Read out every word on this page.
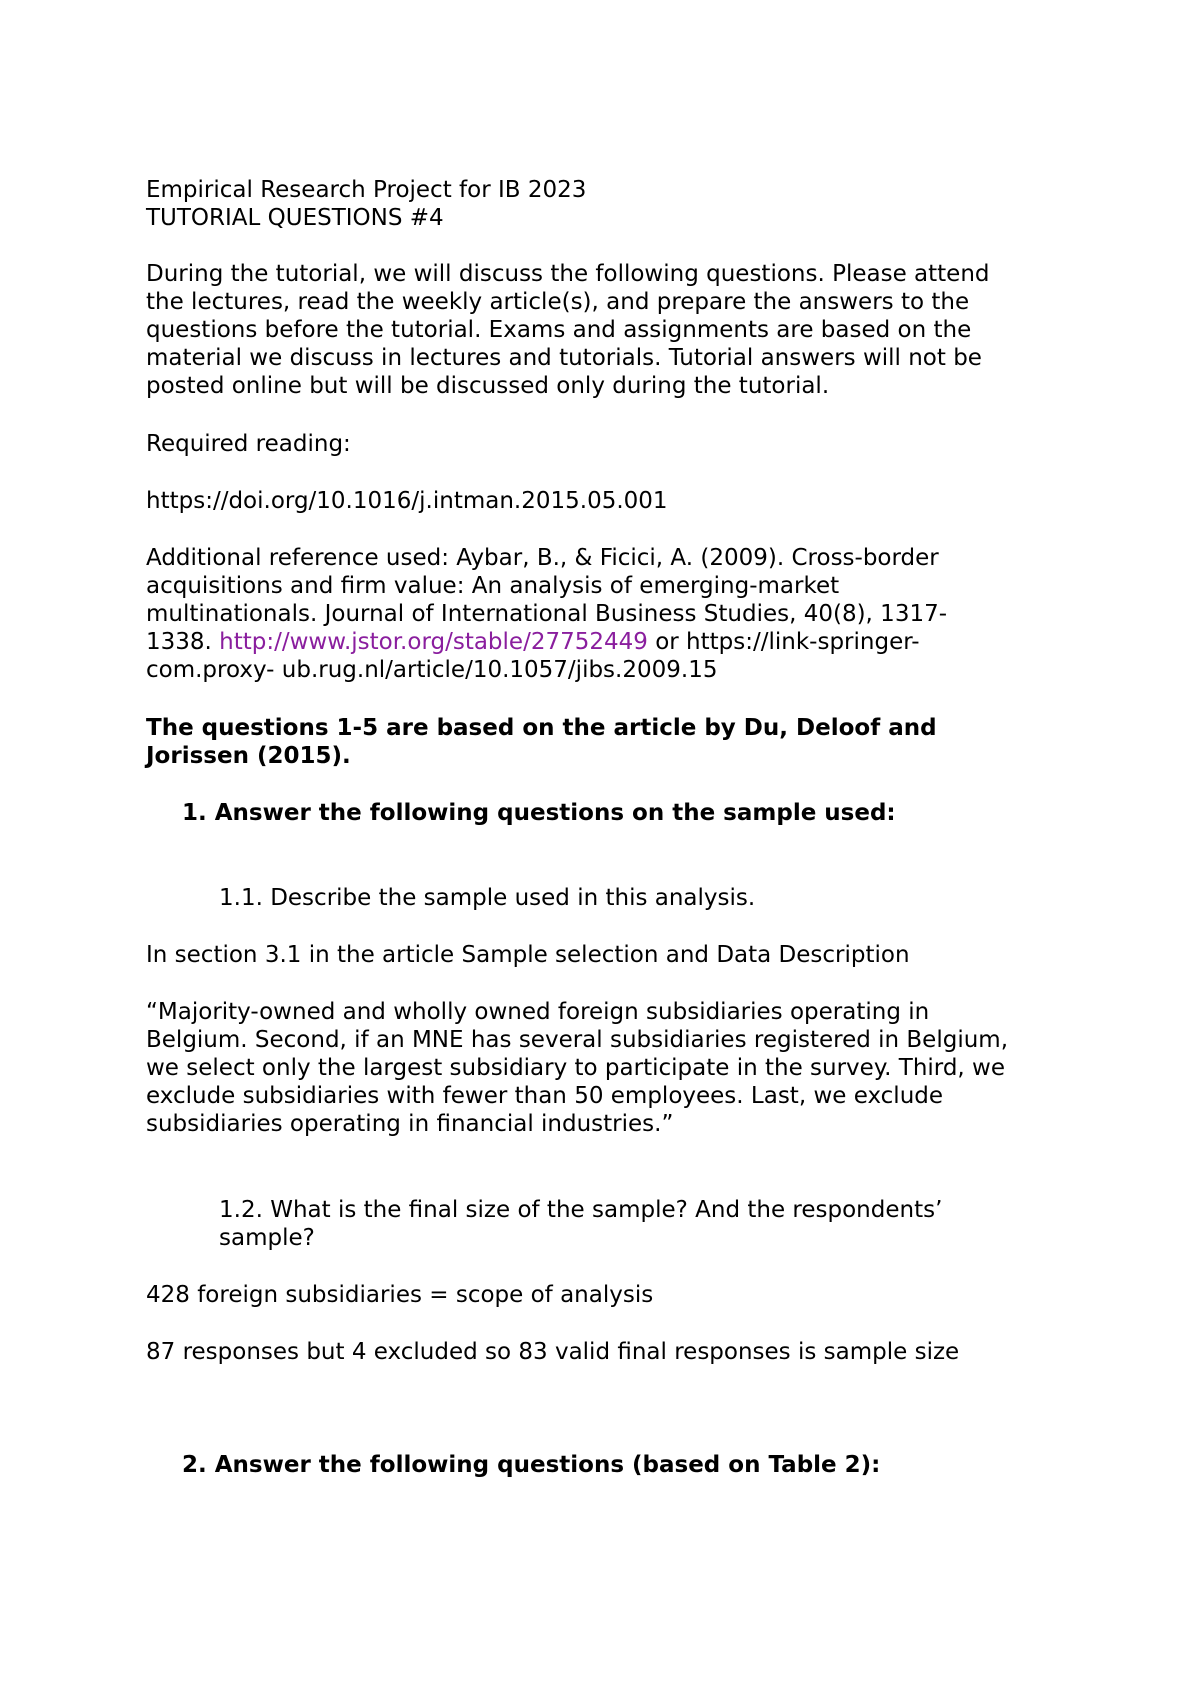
Empirical Research Project for IB 2023
TUTORIAL QUESTIONS #4
During the tutorial, we will discuss the following questions. Please attend
the lectures, read the weekly article(s), and prepare the answers to the
questions before the tutorial. Exams and assignments are based on the
material we discuss in lectures and tutorials. Tutorial answers will not be
posted online but will be discussed only during the tutorial.
Required reading:
https://doi.org/10.1016/j.intman.2015.05.001
Additional reference used: Aybar, B., & Ficici, A. (2009). Cross-border
acquisitions and firm value: An analysis of emerging-market
multinationals. Journal of International Business Studies, 40(8), 1317-
1338. http://www.jstor.org/stable/27752449 or https://link-springer-
com.proxy- ub.rug.nl/article/10.1057/jibs.2009.15
The questions 1-5 are based on the article by Du, Deloof and
Jorissen (2015).
1. Answer the following questions on the sample used:
1.1. Describe the sample used in this analysis.
In section 3.1 in the article Sample selection and Data Description
“Majority-owned and wholly owned foreign subsidiaries operating in
Belgium. Second, if an MNE has several subsidiaries registered in Belgium,
we select only the largest subsidiary to participate in the survey. Third, we
exclude subsidiaries with fewer than 50 employees. Last, we exclude
subsidiaries operating in financial industries.”
1.2. What is the final size of the sample? And the respondents’
sample?
428 foreign subsidiaries = scope of analysis
87 responses but 4 excluded so 83 valid final responses is sample size
2. Answer the following questions (based on Table 2):
